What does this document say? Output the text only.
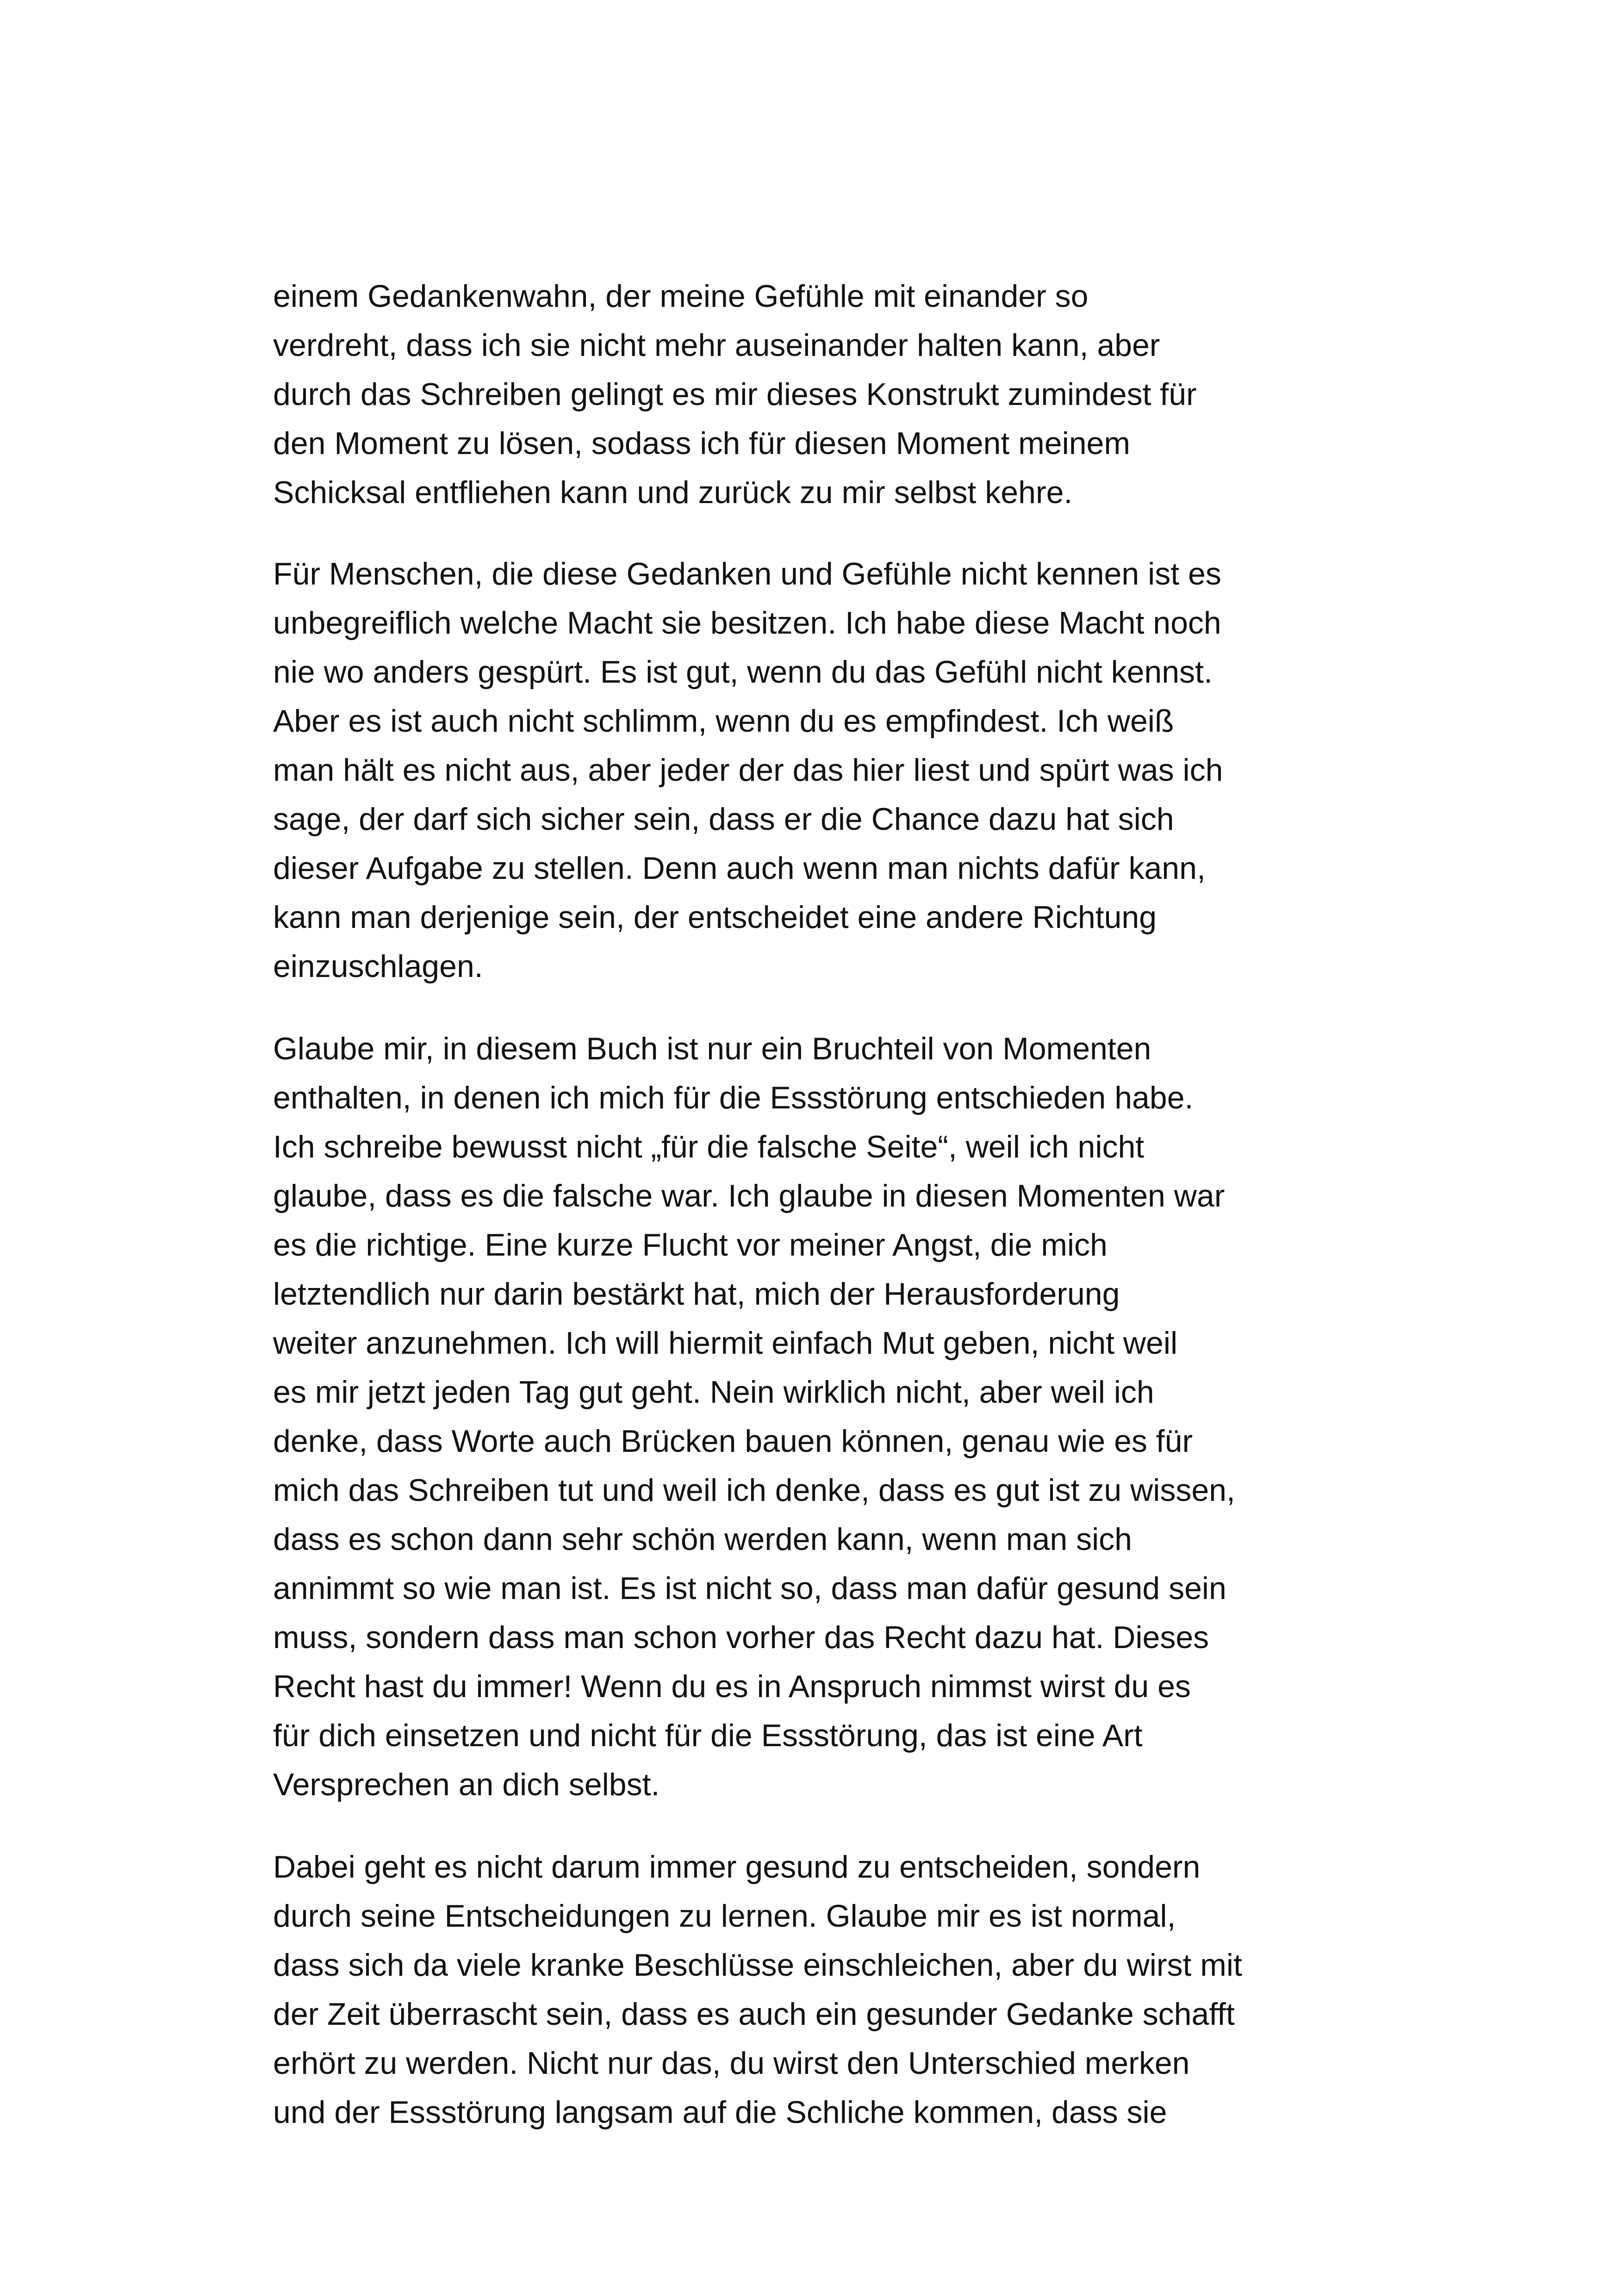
einem Gedankenwahn, der meine Gefühle mit einander so
verdreht, dass ich sie nicht mehr auseinander halten kann, aber
durch das Schreiben gelingt es mir dieses Konstrukt zumindest für
den Moment zu lösen, sodass ich für diesen Moment meinem
Schicksal entfliehen kann und zurück zu mir selbst kehre.
Für Menschen, die diese Gedanken und Gefühle nicht kennen ist es
unbegreiflich welche Macht sie besitzen. Ich habe diese Macht noch
nie wo anders gespürt. Es ist gut, wenn du das Gefühl nicht kennst.
Aber es ist auch nicht schlimm, wenn du es empfindest. Ich weiß
man hält es nicht aus, aber jeder der das hier liest und spürt was ich
sage, der darf sich sicher sein, dass er die Chance dazu hat sich
dieser Aufgabe zu stellen. Denn auch wenn man nichts dafür kann,
kann man derjenige sein, der entscheidet eine andere Richtung
einzuschlagen.
Glaube mir, in diesem Buch ist nur ein Bruchteil von Momenten
enthalten, in denen ich mich für die Essstörung entschieden habe.
Ich schreibe bewusst nicht „für die falsche Seite“, weil ich nicht
glaube, dass es die falsche war. Ich glaube in diesen Momenten war
es die richtige. Eine kurze Flucht vor meiner Angst, die mich
letztendlich nur darin bestärkt hat, mich der Herausforderung
weiter anzunehmen. Ich will hiermit einfach Mut geben, nicht weil
es mir jetzt jeden Tag gut geht. Nein wirklich nicht, aber weil ich
denke, dass Worte auch Brücken bauen können, genau wie es für
mich das Schreiben tut und weil ich denke, dass es gut ist zu wissen,
dass es schon dann sehr schön werden kann, wenn man sich
annimmt so wie man ist. Es ist nicht so, dass man dafür gesund sein
muss, sondern dass man schon vorher das Recht dazu hat. Dieses
Recht hast du immer! Wenn du es in Anspruch nimmst wirst du es
für dich einsetzen und nicht für die Essstörung, das ist eine Art
Versprechen an dich selbst.
Dabei geht es nicht darum immer gesund zu entscheiden, sondern
durch seine Entscheidungen zu lernen. Glaube mir es ist normal,
dass sich da viele kranke Beschlüsse einschleichen, aber du wirst mit
der Zeit überrascht sein, dass es auch ein gesunder Gedanke schafft
erhört zu werden. Nicht nur das, du wirst den Unterschied merken
und der Essstörung langsam auf die Schliche kommen, dass sie
